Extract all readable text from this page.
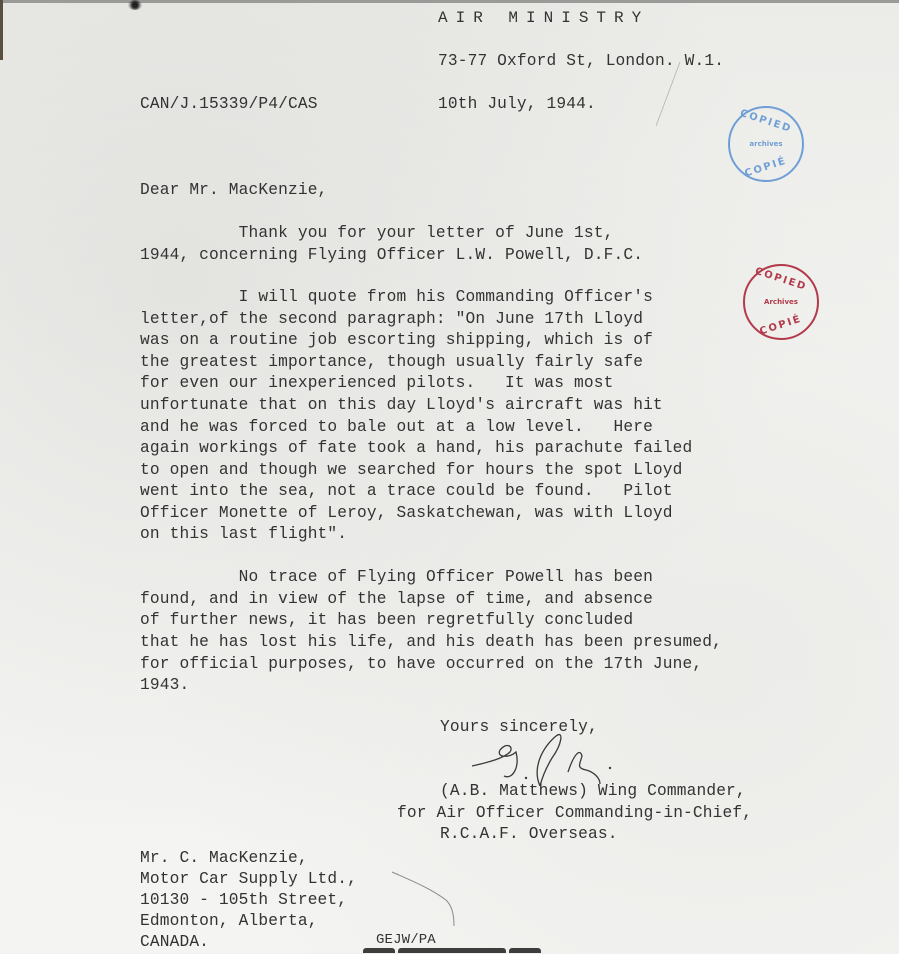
AIR MINISTRY
73-77 Oxford St, London. W.1.
CAN/J.15339/P4/CAS	10th July, 1944.
COPIED
archives
COPIÉ
COPIED
Archives
COPIÉ
Dear Mr. MacKenzie,
Thank you for your letter of June 1st,
1944, concerning Flying Officer L.W. Powell, D.F.C.
I will quote from his Commanding Officer's
letter,of the second paragraph: "On June 17th Lloyd
was on a routine job escorting shipping, which is of
the greatest importance, though usually fairly safe
for even our inexperienced pilots.   It was most
unfortunate that on this day Lloyd's aircraft was hit
and he was forced to bale out at a low level.   Here
again workings of fate took a hand, his parachute failed
to open and though we searched for hours the spot Lloyd
went into the sea, not a trace could be found.   Pilot
Officer Monette of Leroy, Saskatchewan, was with Lloyd
on this last flight".
No trace of Flying Officer Powell has been
found, and in view of the lapse of time, and absence
of further news, it has been regretfully concluded
that he has lost his life, and his death has been presumed,
for official purposes, to have occurred on the 17th June,
1943.
Yours sincerely,
(A.B. Matthews) Wing Commander,
for Air Officer Commanding-in-Chief,
R.C.A.F. Overseas.
Mr. C. MacKenzie,
Motor Car Supply Ltd.,
10130 - 105th Street,
Edmonton, Alberta,
CANADA.	GEJW/PA
